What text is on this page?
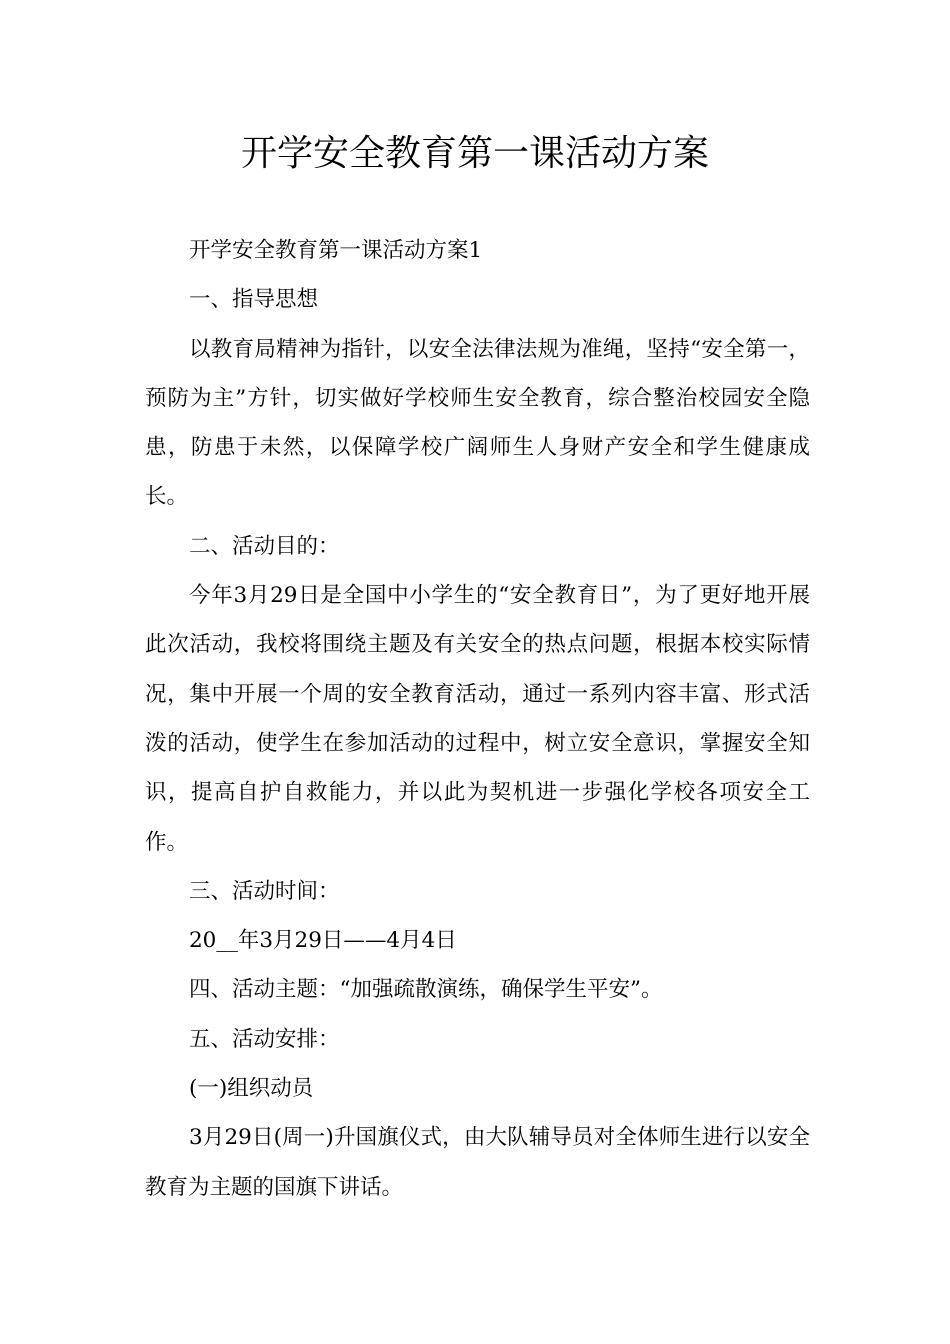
开学安全教育第一课活动方案

开学安全教育第一课活动方案1

一、指导思想

以教育局精神为指针，以安全法律法规为准绳，坚持“安全第一，预防为主”方针，切实做好学校师生安全教育，综合整治校园安全隐患，防患于未然，以保障学校广阔师生人身财产安全和学生健康成长。

二、活动目的：

今年3月29日是全国中小学生的“安全教育日”，为了更好地开展此次活动，我校将围绕主题及有关安全的热点问题，根据本校实际情况，集中开展一个周的安全教育活动，通过一系列内容丰富、形式活泼的活动，使学生在参加活动的过程中，树立安全意识，掌握安全知识，提高自护自救能力，并以此为契机进一步强化学校各项安全工作。

三、活动时间：

20__年3月29日——4月4日

四、活动主题：“加强疏散演练，确保学生平安”。

五、活动安排：

(一)组织动员

3月29日(周一)升国旗仪式，由大队辅导员对全体师生进行以安全教育为主题的国旗下讲话。
